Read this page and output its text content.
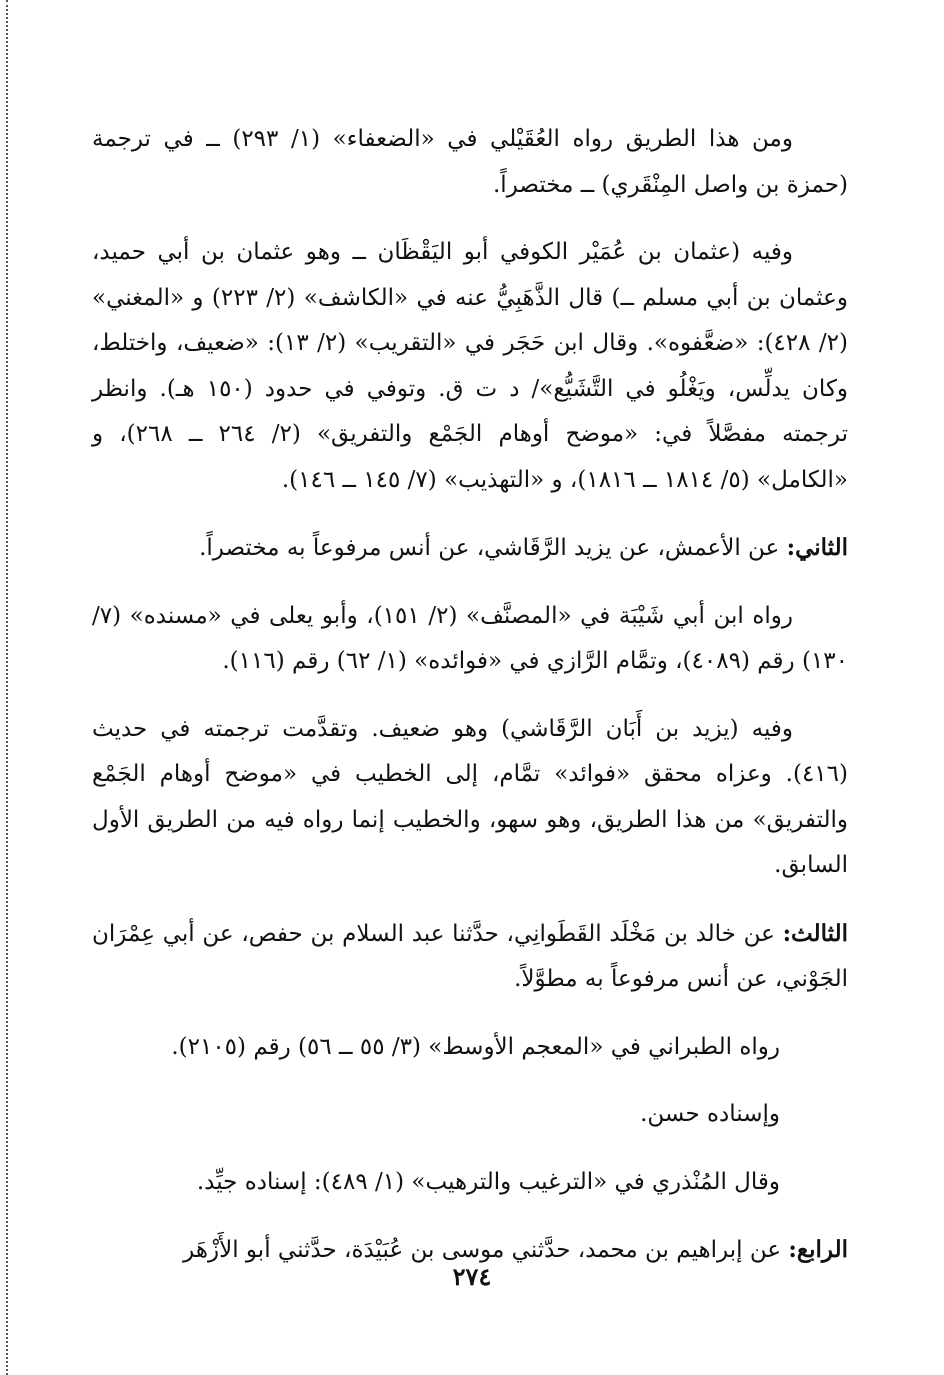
ومن هذا الطريق رواه العُقَيْلي في «الضعفاء» (١/ ٢٩٣) ــ في ترجمة (حمزة بن واصل المِنْقَري) ــ مختصراً.

وفيه (عثمان بن عُمَيْر الكوفي أبو اليَقْظَان ــ وهو عثمان بن أبي حميد، وعثمان بن أبي مسلم ــ) قال الذَّهَبِيُّ عنه في «الكاشف» (٢/ ٢٢٣) و «المغني» (٢/ ٤٢٨): «ضعَّفوه». وقال ابن حَجَر في «التقريب» (٢/ ١٣): «ضعيف، واختلط، وكان يدلِّس، ويَغْلُو في التَّشَيُّع»/ د ت ق. وتوفي في حدود (١٥٠ هـ). وانظر ترجمته مفصَّلاً في: «موضح أوهام الجَمْع والتفريق» (٢/ ٢٦٤ ــ ٢٦٨)، و «الكامل» (٥/ ١٨١٤ ــ ١٨١٦)، و «التهذيب» (٧/ ١٤٥ ــ ١٤٦).

الثاني: عن الأعمش، عن يزيد الرَّقَاشي، عن أنس مرفوعاً به مختصراً.

رواه ابن أبي شَيْبَة في «المصنَّف» (٢/ ١٥١)، وأبو يعلى في «مسنده» (٧/ ١٣٠) رقم (٤٠٨٩)، وتمَّام الرَّازي في «فوائده» (١/ ٦٢) رقم (١١٦).

وفيه (يزيد بن أَبَان الرَّقَاشي) وهو ضعيف. وتقدَّمت ترجمته في حديث (٤١٦). وعزاه محقق «فوائد» تمَّام، إلى الخطيب في «موضح أوهام الجَمْع والتفريق» من هذا الطريق، وهو سهو، والخطيب إنما رواه فيه من الطريق الأول السابق.

الثالث: عن خالد بن مَخْلَد القَطَوانِي، حدَّثنا عبد السلام بن حفص، عن أبي عِمْرَان الجَوْني، عن أنس مرفوعاً به مطوَّلاً.

رواه الطبراني في «المعجم الأوسط» (٣/ ٥٥ ــ ٥٦) رقم (٢١٠٥).

وإسناده حسن.

وقال المُنْذري في «الترغيب والترهيب» (١/ ٤٨٩): إسناده جيِّد.

الرابع: عن إبراهيم بن محمد، حدَّثني موسى بن عُبَيْدَة، حدَّثني أبو الأَزْهَر

٢٧٤
